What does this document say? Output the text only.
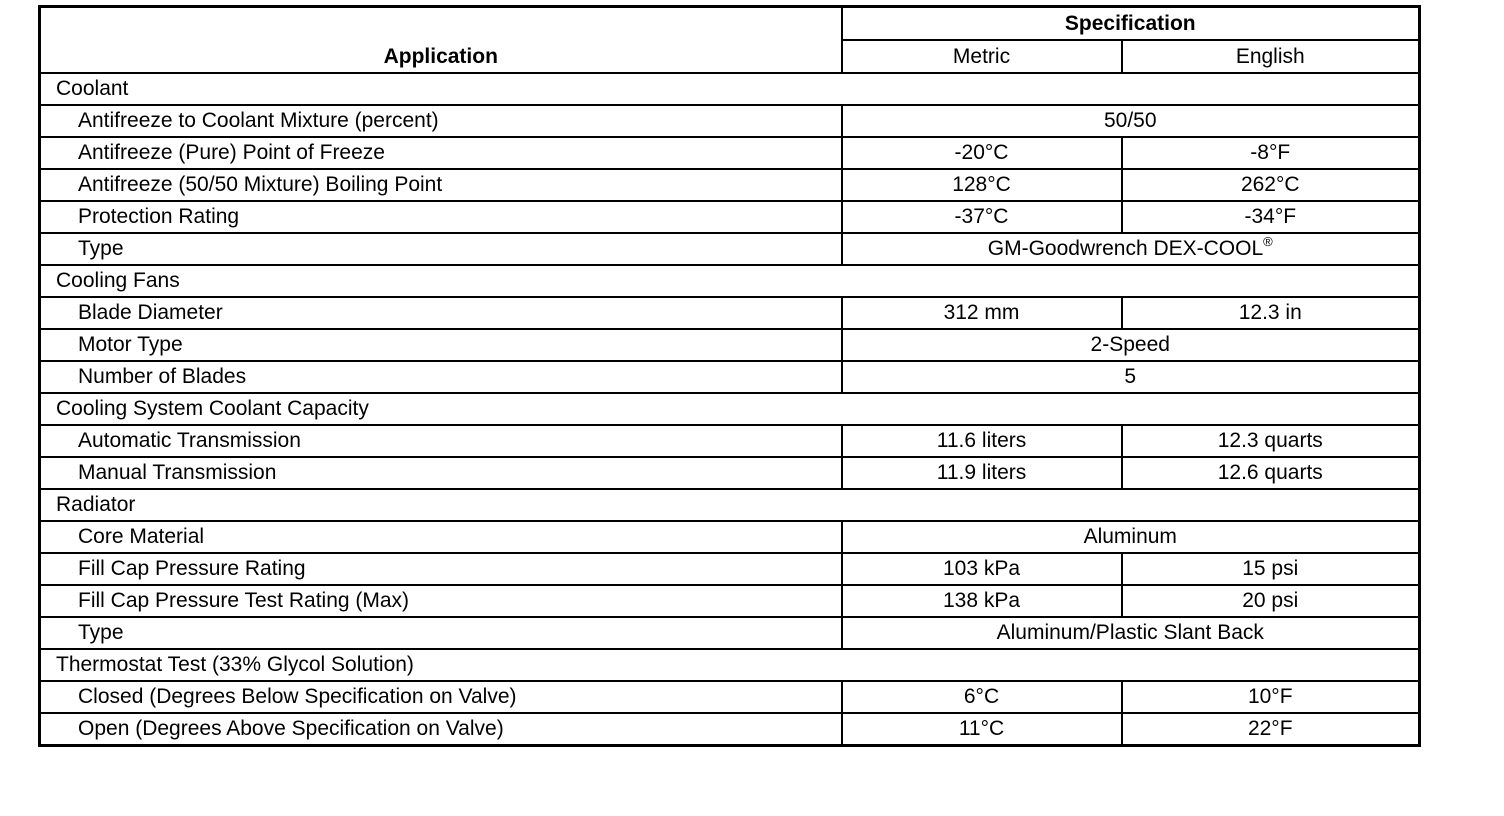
Application	Specification	
	Metric	English
Coolant		
Antifreeze to Coolant Mixture (percent)	50/50	
Antifreeze (Pure) Point of Freeze	-20°C	-8°F
Antifreeze (50/50 Mixture) Boiling Point	128°C	262°C
Protection Rating	-37°C	-34°F
Type	GM-Goodwrench DEX-COOL®
Cooling Fans		
Blade Diameter	312 mm	12.3 in
Motor Type	2-Speed	
Number of Blades	5	
Cooling System Coolant Capacity		
Automatic Transmission	11.6 liters	12.3 quarts
Manual Transmission	11.9 liters	12.6 quarts
Radiator		
Core Material	Aluminum	
Fill Cap Pressure Rating	103 kPa	15 psi
Fill Cap Pressure Test Rating (Max)	138 kPa	20 psi
Type	Aluminum/Plastic Slant Back	
Thermostat Test (33% Glycol Solution)		
Closed (Degrees Below Specification on Valve)	6°C	10°F
Open (Degrees Above Specification on Valve)	11°C	22°F
